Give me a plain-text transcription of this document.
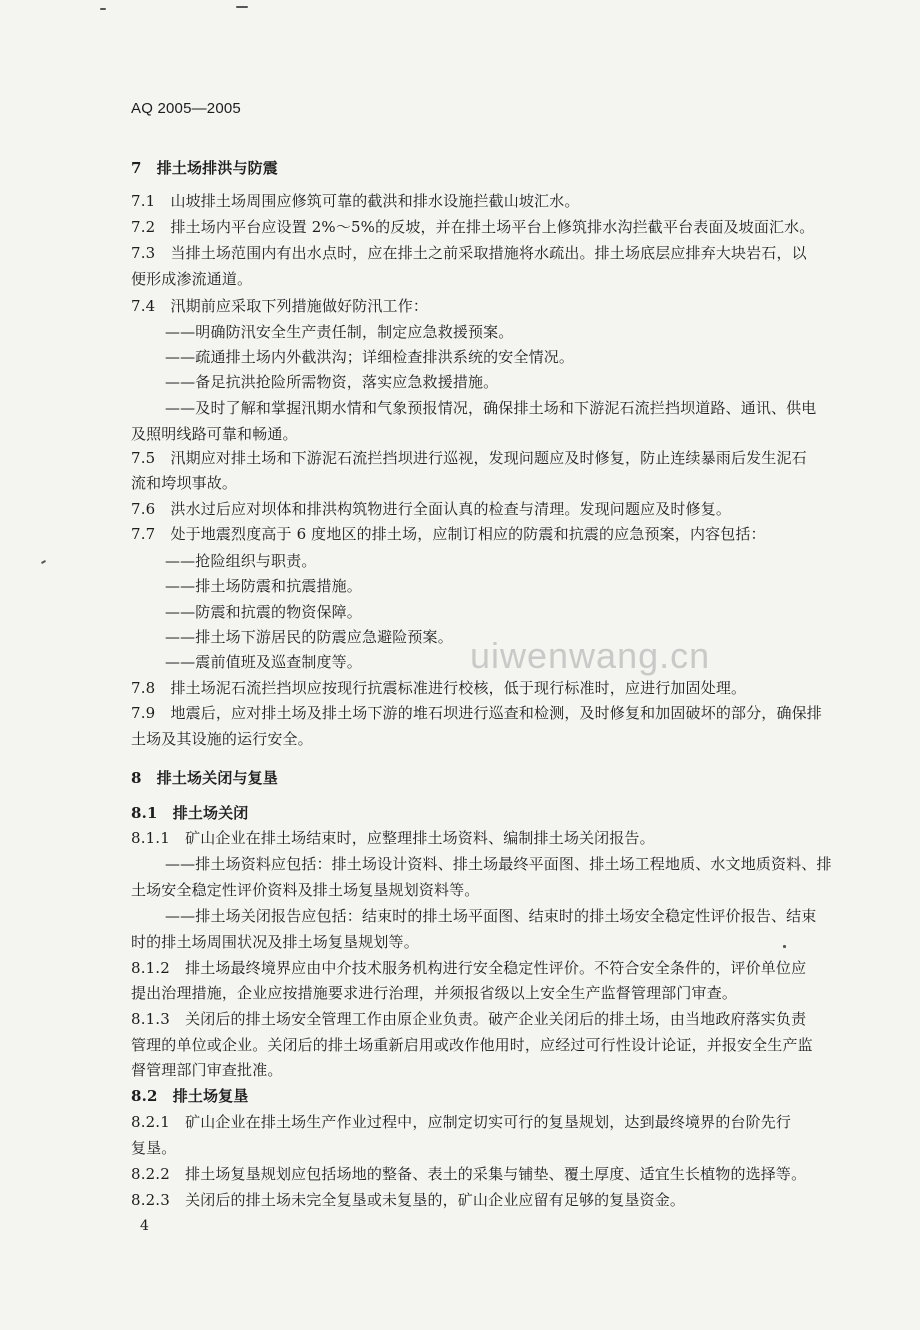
AQ 2005—2005
7　排土场排洪与防震
7.1　山坡排土场周围应修筑可靠的截洪和排水设施拦截山坡汇水。
7.2　排土场内平台应设置 2%～5%的反坡，并在排土场平台上修筑排水沟拦截平台表面及坡面汇水。
7.3　当排土场范围内有出水点时，应在排土之前采取措施将水疏出。排土场底层应排弃大块岩石，以
便形成渗流通道。
7.4　汛期前应采取下列措施做好防汛工作：
——明确防汛安全生产责任制，制定应急救援预案。
——疏通排土场内外截洪沟；详细检查排洪系统的安全情况。
——备足抗洪抢险所需物资，落实应急救援措施。
——及时了解和掌握汛期水情和气象预报情况，确保排土场和下游泥石流拦挡坝道路、通讯、供电
及照明线路可靠和畅通。
7.5　汛期应对排土场和下游泥石流拦挡坝进行巡视，发现问题应及时修复，防止连续暴雨后发生泥石
流和垮坝事故。
7.6　洪水过后应对坝体和排洪构筑物进行全面认真的检查与清理。发现问题应及时修复。
7.7　处于地震烈度高于 6 度地区的排土场，应制订相应的防震和抗震的应急预案，内容包括：
——抢险组织与职责。
——排土场防震和抗震措施。
——防震和抗震的物资保障。
——排土场下游居民的防震应急避险预案。
——震前值班及巡查制度等。
7.8　排土场泥石流拦挡坝应按现行抗震标准进行校核，低于现行标准时，应进行加固处理。
7.9　地震后，应对排土场及排土场下游的堆石坝进行巡查和检测，及时修复和加固破坏的部分，确保排
土场及其设施的运行安全。
8　排土场关闭与复垦
8.1　排土场关闭
8.1.1　矿山企业在排土场结束时，应整理排土场资料、编制排土场关闭报告。
——排土场资料应包括：排土场设计资料、排土场最终平面图、排土场工程地质、水文地质资料、排
土场安全稳定性评价资料及排土场复垦规划资料等。
——排土场关闭报告应包括：结束时的排土场平面图、结束时的排土场安全稳定性评价报告、结束
时的排土场周围状况及排土场复垦规划等。
8.1.2　排土场最终境界应由中介技术服务机构进行安全稳定性评价。不符合安全条件的，评价单位应
提出治理措施，企业应按措施要求进行治理，并须报省级以上安全生产监督管理部门审查。
8.1.3　关闭后的排土场安全管理工作由原企业负责。破产企业关闭后的排土场，由当地政府落实负责
管理的单位或企业。关闭后的排土场重新启用或改作他用时，应经过可行性设计论证，并报安全生产监
督管理部门审查批准。
8.2　排土场复垦
8.2.1　矿山企业在排土场生产作业过程中，应制定切实可行的复垦规划，达到最终境界的台阶先行
复垦。
8.2.2　排土场复垦规划应包括场地的整备、表土的采集与铺垫、覆土厚度、适宜生长植物的选择等。
8.2.3　关闭后的排土场未完全复垦或未复垦的，矿山企业应留有足够的复垦资金。
uiwenwang.cn
4
